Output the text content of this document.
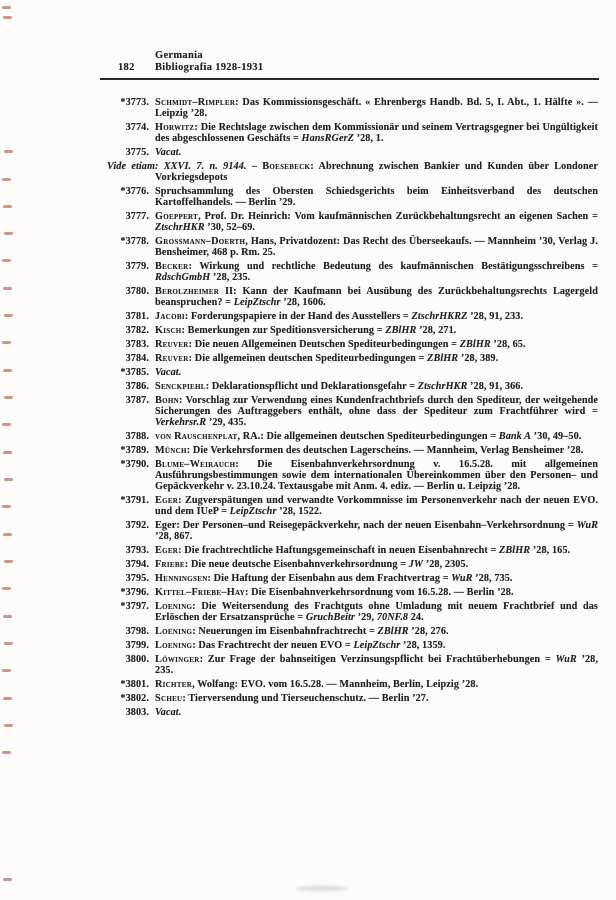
Germania
182	Bibliografia 1928-1931
*3773. Schmidt–Rimpler: Das Kommissionsgeschäft. « Ehrenbergs Handb. Bd. 5, I. Abt., 1. Hälfte ». — Leipzig ’28.
3774. Horwitz: Die Rechtslage zwischen dem Kommissionär und seinem Vertragsgegner bei Ungültigkeit des abgeschlossenen Geschäfts = HansRGerZ ’28, 1.
3775. Vacat.
Vide etiam: XXVI. 7. n. 9144. – Boesebeck: Abrechnung zwischen Bankier und Kunden über Londoner Vorkriegsdepots
*3776. Spruchsammlung des Obersten Schiedsgerichts beim Einheitsverband des deutschen Kartoffelhandels. — Berlin ’29.
3777. Goeppert, Prof. Dr. Heinrich: Vom kaufmännischen Zurückbehaltungsrecht an eigenen Sachen = ZtschrHKR ’30, 52–69.
*3778. Grossmann–Doerth, Hans, Privatdozent: Das Recht des Überseekaufs. — Mannheim ’30, Verlag J. Bensheimer, 468 p. Rm. 25.
3779. Becker: Wirkung und rechtliche Bedeutung des kaufmännischen Bestätigungsschreibens = RdschGmbH ’28, 235.
3780. Berolzheimer II: Kann der Kaufmann bei Ausübung des Zurückbehaltungsrechts Lagergeld beanspruchen? = LeipZtschr ’28, 1606.
3781. Jacobi: Forderungspapiere in der Hand des Ausstellers = ZtschrHKRZ ’28, 91, 233.
3782. Kisch: Bemerkungen zur Speditionsversicherung = ZBlHR ’28, 271.
3783. Reuver: Die neuen Allgemeinen Deutschen Spediteurbedingungen = ZBlHR ’28, 65.
3784. Reuver: Die allgemeinen deutschen Spediteurbedingungen = ZBlHR ’28, 389.
*3785. Vacat.
3786. Senckpiehl: Deklarationspflicht und Deklarationsgefahr = ZtschrHKR ’28, 91, 366.
3787. Bohn: Vorschlag zur Verwendung eines Kundenfrachtbriefs durch den Spediteur, der weitgehende Sicherungen des Auftraggebers enthält, ohne dass der Spediteur zum Frachtführer wird = Verkehrsr.R ’29, 435.
3788. von Rauschenplat, RA.: Die allgemeinen deutschen Spediteurbedingungen = Bank A ’30, 49–50.
*3789. Münch: Die Verkehrsformen des deutschen Lagerscheins. — Mannheim, Verlag Bensheimer ’28.
*3790. Blume–Weirauch: Die Eisenbahnverkehrsordnung v. 16.5.28. mit allgemeinen Ausführungsbestimmungen sowie dem internationalen Übereinkommen über den Personen– und Gepäckverkehr v. 23.10.24. Textausgabe mit Anm. 4. ediz. — Berlin u. Leipzig ’28.
*3791. Eger: Zugverspätungen und verwandte Vorkommnisse im Personenverkehr nach der neuen EVO. und dem IUeP = LeipZtschr ’28, 1522.
3792. Eger: Der Personen–und Reisegepäckverkehr, nach der neuen Eisenbahn–Verkehrsordnung = WuR ’28, 867.
3793. Eger: Die frachtrechtliche Haftungsgemeinschaft in neuen Eisenbahnrecht = ZBlHR ’28, 165.
3794. Friebe: Die neue deutsche Eisenbahnverkehrsordnung = JW ’28, 2305.
3795. Henningsen: Die Haftung der Eisenbahn aus dem Frachtvertrag = WuR ’28, 735.
*3796. Kittel–Friebe–Hay: Die Eisenbahnverkehrsordnung vom 16.5.28. — Berlin ’28.
*3797. Loening: Die Weitersendung des Frachtguts ohne Umladung mit neuem Frachtbrief und das Erlöschen der Ersatzansprüche = GruchBeitr ’29, 70NF.8 24.
3798. Loening: Neuerungen im Eisenbahnfrachtrecht = ZBlHR ’28, 276.
3799. Loening: Das Frachtrecht der neuen EVO = LeipZtschr ’28, 1359.
3800. Löwinger: Zur Frage der bahnseitigen Verzinsungspflicht bei Frachtüberhebungen = WuR ’28, 235.
*3801. Richter, Wolfang: EVO. vom 16.5.28. — Mannheim, Berlin, Leipzig ’28.
*3802. Scheu: Tierversendung und Tierseuchenschutz. — Berlin ’27.
3803. Vacat.
